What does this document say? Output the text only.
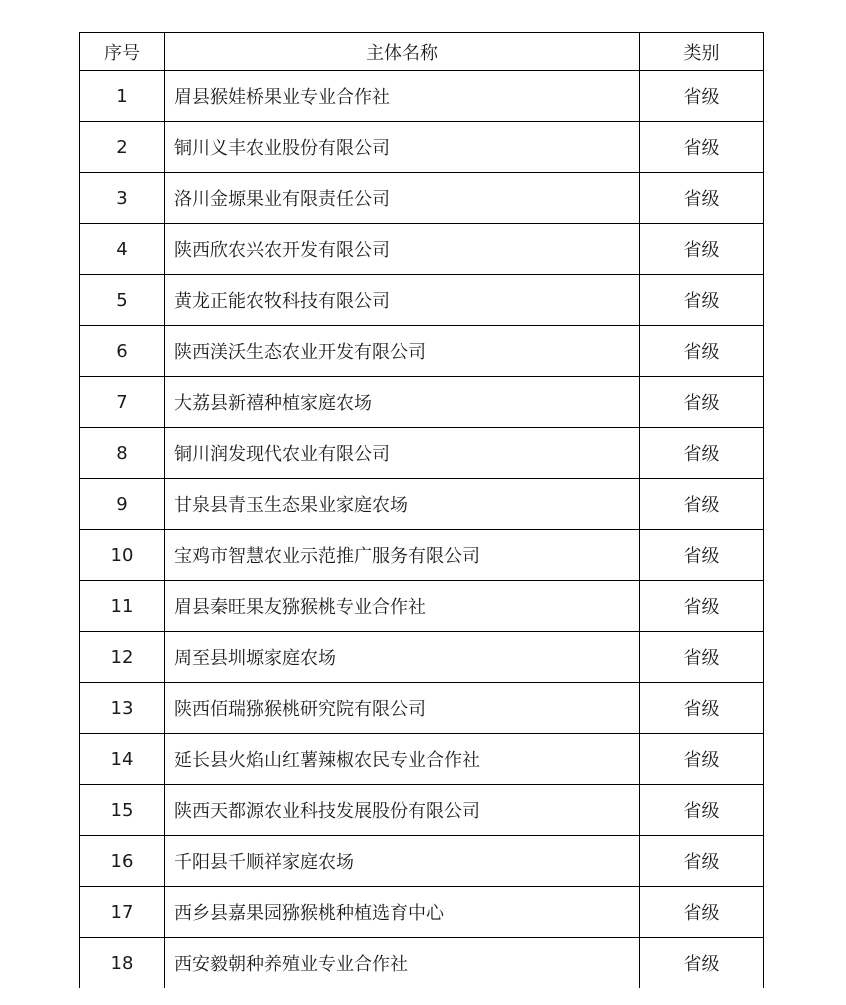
序号	主体名称	类别
1	眉县猴娃桥果业专业合作社	省级
2	铜川义丰农业股份有限公司	省级
3	洛川金塬果业有限责任公司	省级
4	陕西欣农兴农开发有限公司	省级
5	黄龙正能农牧科技有限公司	省级
6	陕西渼沃生态农业开发有限公司	省级
7	大荔县新禧种植家庭农场	省级
8	铜川润发现代农业有限公司	省级
9	甘泉县青玉生态果业家庭农场	省级
10	宝鸡市智慧农业示范推广服务有限公司	省级
11	眉县秦旺果友猕猴桃专业合作社	省级
12	周至县圳塬家庭农场	省级
13	陕西佰瑞猕猴桃研究院有限公司	省级
14	延长县火焰山红薯辣椒农民专业合作社	省级
15	陕西天都源农业科技发展股份有限公司	省级
16	千阳县千顺祥家庭农场	省级
17	西乡县嘉果园猕猴桃种植选育中心	省级
18	西安毅朝种养殖业专业合作社	省级
